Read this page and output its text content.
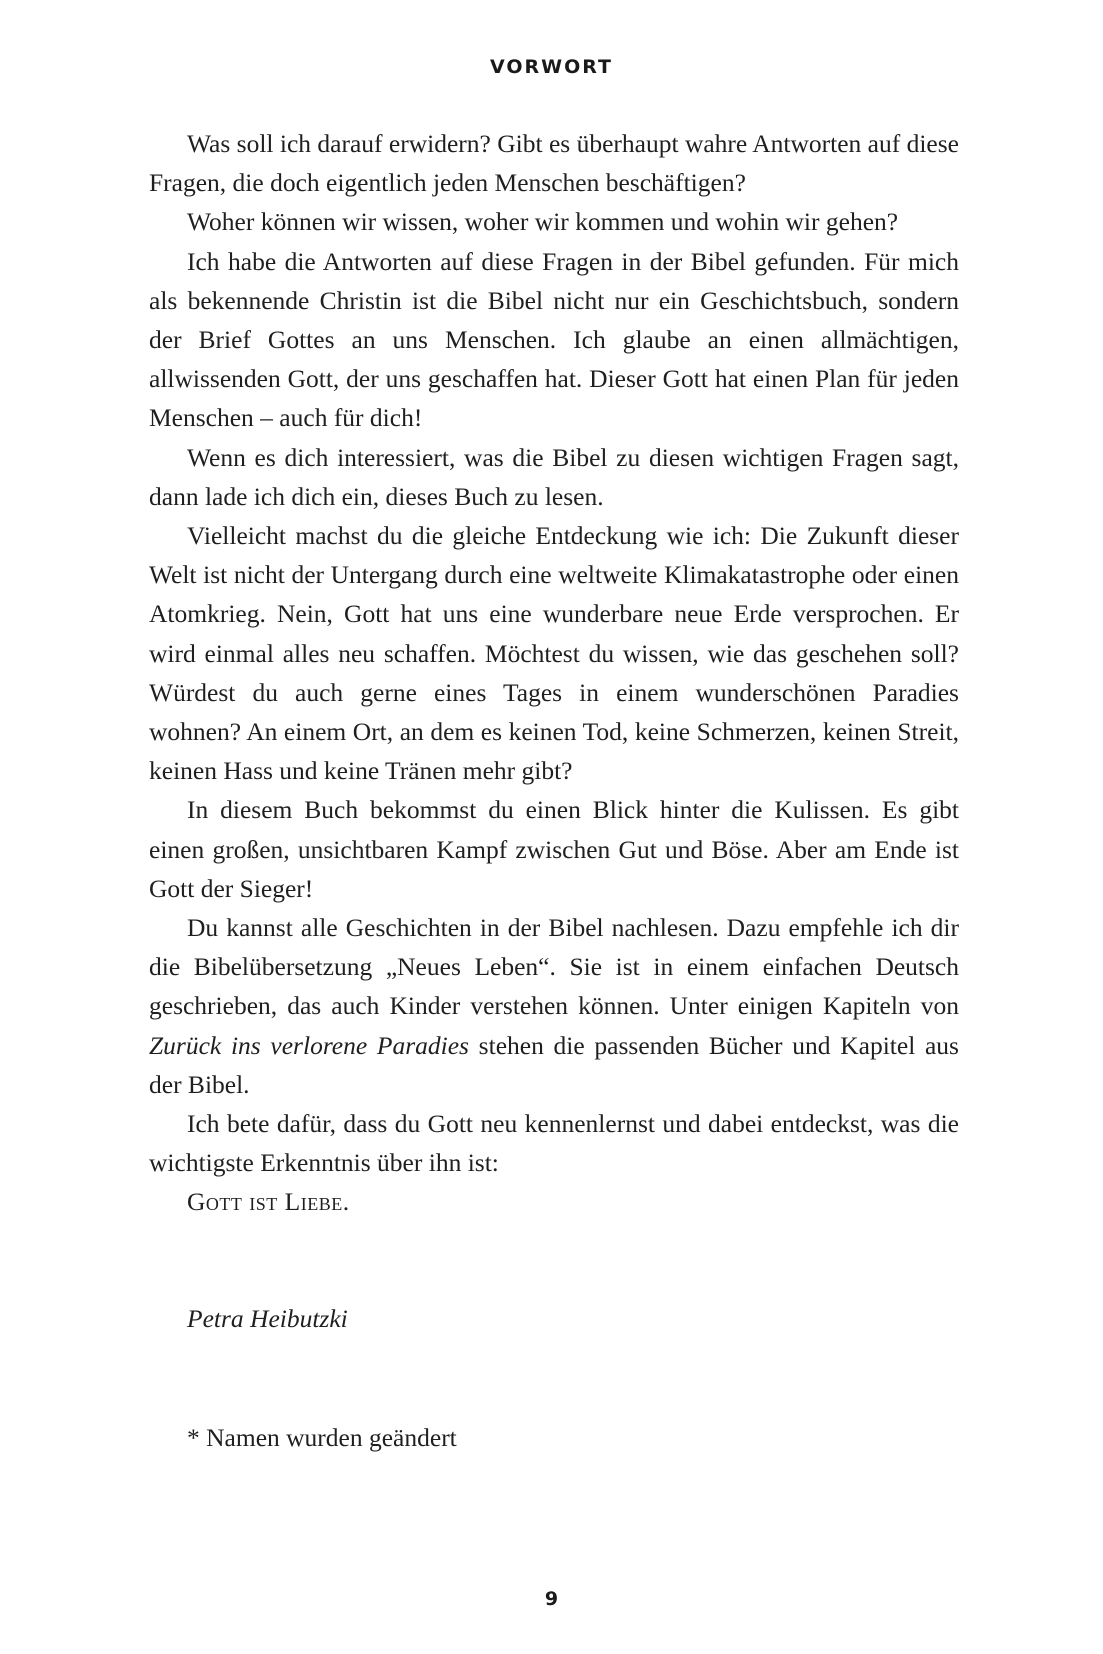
VORWORT

Was soll ich darauf erwidern? Gibt es überhaupt wahre Antworten auf diese Fragen, die doch eigentlich jeden Menschen beschäftigen?

Woher können wir wissen, woher wir kommen und wohin wir gehen?

Ich habe die Antworten auf diese Fragen in der Bibel gefunden. Für mich als bekennende Christin ist die Bibel nicht nur ein Geschichtsbuch, sondern der Brief Gottes an uns Menschen. Ich glaube an einen allmächtigen, allwissenden Gott, der uns geschaffen hat. Dieser Gott hat einen Plan für jeden Menschen – auch für dich!

Wenn es dich interessiert, was die Bibel zu diesen wichtigen Fragen sagt, dann lade ich dich ein, dieses Buch zu lesen.

Vielleicht machst du die gleiche Entdeckung wie ich: Die Zukunft dieser Welt ist nicht der Untergang durch eine weltweite Klimakatastrophe oder einen Atomkrieg. Nein, Gott hat uns eine wunderbare neue Erde versprochen. Er wird einmal alles neu schaffen. Möchtest du wissen, wie das geschehen soll? Würdest du auch gerne eines Tages in einem wunderschönen Paradies wohnen? An einem Ort, an dem es keinen Tod, keine Schmerzen, keinen Streit, keinen Hass und keine Tränen mehr gibt?

In diesem Buch bekommst du einen Blick hinter die Kulissen. Es gibt einen großen, unsichtbaren Kampf zwischen Gut und Böse. Aber am Ende ist Gott der Sieger!

Du kannst alle Geschichten in der Bibel nachlesen. Dazu empfehle ich dir die Bibelübersetzung „Neues Leben“. Sie ist in einem einfachen Deutsch geschrieben, das auch Kinder verstehen können. Unter einigen Kapiteln von Zurück ins verlorene Paradies stehen die passenden Bücher und Kapitel aus der Bibel.

Ich bete dafür, dass du Gott neu kennenlernst und dabei entdeckst, was die wichtigste Erkenntnis über ihn ist:

Gott ist Liebe.

Petra Heibutzki
* Namen wurden geändert
9
